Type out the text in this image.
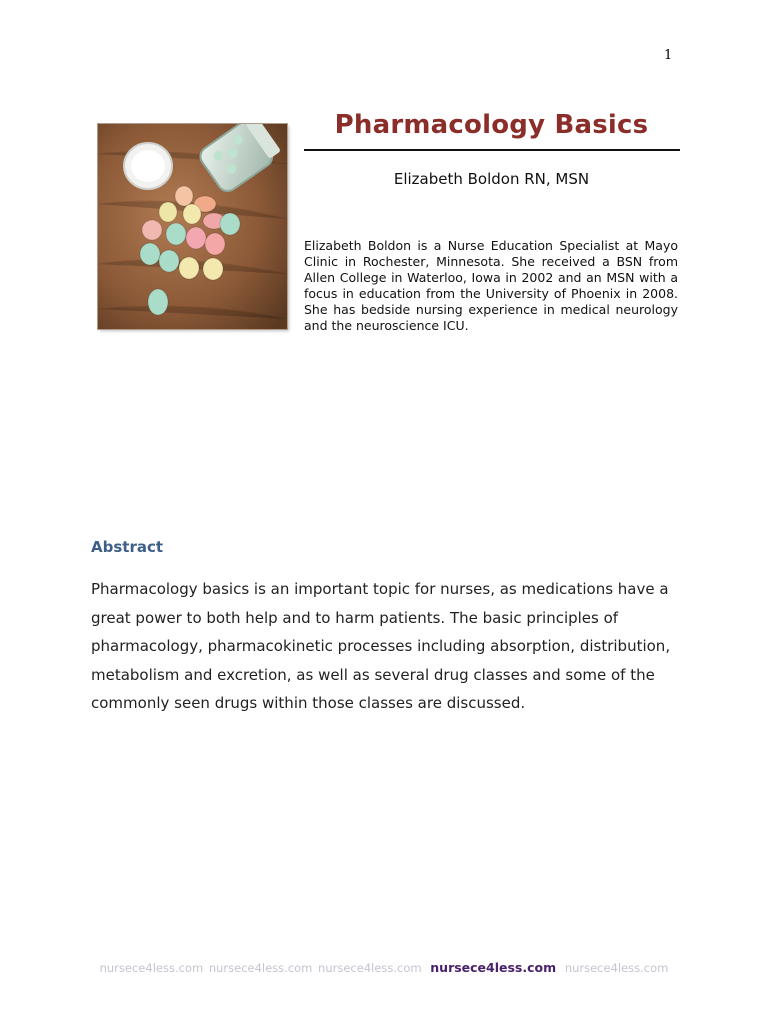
1
Pharmacology Basics
Elizabeth Boldon RN, MSN
Elizabeth Boldon is a Nurse Education Specialist at Mayo Clinic in Rochester, Minnesota. She received a BSN from Allen College in Waterloo, Iowa in 2002 and an MSN with a focus in education from the University of Phoenix in 2008. She has bedside nursing experience in medical neurology and the neuroscience ICU.
Abstract
Pharmacology basics is an important topic for nurses, as medications have a great power to both help and to harm patients. The basic principles of pharmacology, pharmacokinetic processes including absorption, distribution, metabolism and excretion, as well as several drug classes and some of the commonly seen drugs within those classes are discussed.
nursece4less.com nursece4less.com nursece4less.com nursece4less.com nursece4less.com
